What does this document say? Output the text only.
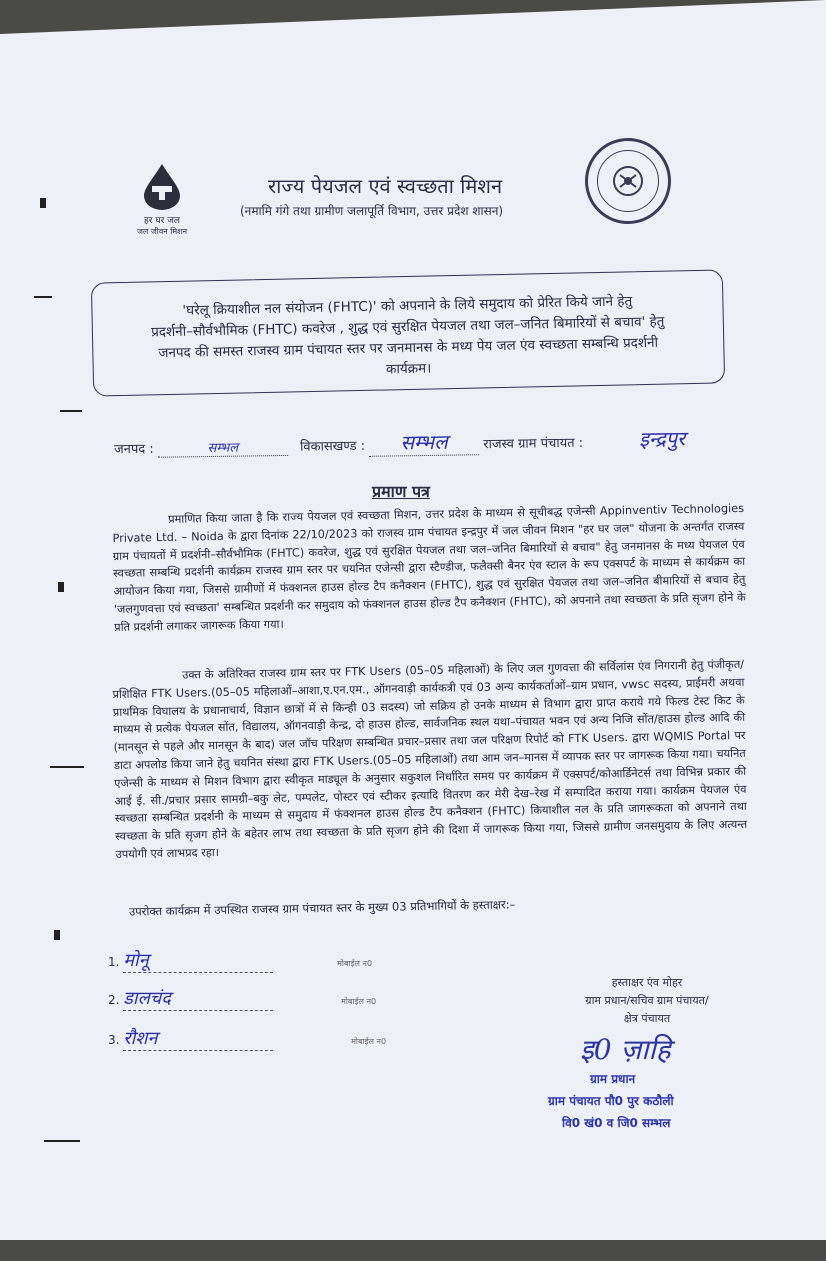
हर घर जल
जल जीवन मिशन
राज्य पेयजल एवं स्वच्छता मिशन
(नमामि गंगे तथा ग्रामीण जलापूर्ति विभाग, उत्तर प्रदेश शासन)
'घरेलू क्रियाशील नल संयोजन (FHTC)' को अपनाने के लिये समुदाय को प्रेरित किये जाने हेतु
प्रदर्शनी–सौर्वभौमिक (FHTC) कवरेज , शुद्ध एवं सुरक्षित पेयजल तथा जल–जनित बिमारियों से बचाव' हेतु
जनपद की समस्त राजस्व ग्राम पंचायत स्तर पर जनमानस के मध्य पेय जल एंव स्वच्छता सम्बन्धि प्रदर्शनी
कार्यक्रम।
जनपद :	सम्भल	विकासखण्ड : सम्भल	राजस्व ग्राम पंचायत :	इन्द्रपुर
प्रमाण पत्र
प्रमाणित किया जाता है कि राज्य पेयजल एवं स्वच्छता मिशन, उत्तर प्रदेश के माध्यम से सूचीबद्ध एजेन्सी Appinventiv Technologies Private Ltd. – Noida के द्वारा दिनांक 22/10/2023 को राजस्व ग्राम पंचायत इन्द्रपुर में जल जीवन मिशन "हर घर जल" योजना के अन्तर्गत राजस्व ग्राम पंचायतों में प्रदर्शनी–सौर्वभौमिक (FHTC) कवरेज, शुद्ध एवं सुरक्षित पेयजल तथा जल–जनित बिमारियों से बचाव" हेतु जनमानस के मध्य पेयजल एंव स्वच्छता सम्बन्धि प्रदर्शनी कार्यक्रम राजस्व ग्राम स्तर पर चयनित एजेन्सी द्वारा स्टैण्डीज, फलैक्सी बैनर एंव स्टाल के रूप एक्सपर्ट के माध्यम से कार्यक्रम का आयोजन किया गया, जिससे ग्रामीणों में फंक्शनल हाउस होल्ड टैप कनैक्शन (FHTC), शुद्ध एवं सुरक्षित पेयजल तथा जल–जनित बीमारियों से बचाव हेतु 'जलगुणवत्ता एवं स्वच्छता' सम्बन्धित प्रदर्शनी कर समुदाय को फंक्शनल हाउस होल्ड टैप कनैक्शन (FHTC), को अपनाने तथा स्वच्छता के प्रति सृजग होने के प्रति प्रदर्शनी लगाकर जागरूक किया गया।
उक्त के अतिरिक्त राजस्व ग्राम स्तर पर FTK Users (05–05 महिलाओं) के लिए जल गुणवत्ता की सर्विलांस एंव निगरानी हेतु पंजीकृत/प्रशिक्षित FTK Users.(05–05 महिलाओं–आशा,ए.एन.एम., ऑगनवाड़ी कार्यकत्री एवं 03 अन्य कार्यकर्ताओं–ग्राम प्रधान, vwsc सदस्य, प्राईमरी अथवा प्राथमिक विघालय के प्रधानाचार्य, विज्ञान छात्रों में से किन्ही 03 सदस्य) जो सक्रिय हो उनके माध्यम से विभाग द्वारा प्राप्त कराये गये फिल्ड टेस्ट किट के माध्यम से प्रत्येक पेयजल सोंत, विद्यालय, ऑगनवाड़ी केन्द्र, दो हाउस होल्ड, सार्वजनिक स्थल यथा–पंचायत भवन एवं अन्य निजि सोंत/हाउस होल्ड आदि की (मानसून से पहले और मानसून के बाद) जल जॉच परिक्षण सम्बन्धित प्रचार–प्रसार तथा जल परिक्षण रिपोर्ट को FTK Users. द्वारा WQMIS Portal पर डाटा अपलोड किया जाने हेतु चयनित संस्था द्वारा FTK Users.(05–05 महिलाओं) तथा आम जन–मानस में व्यापक स्तर पर जागरूक किया गया। चयनित एजेन्सी के माध्यम से मिशन विभाग द्वारा स्वीकृत माड्यूल के अनुसार सकुशल निर्धारित समय पर कार्यक्रम में एक्सपर्ट/कोआर्डिनेटर्स तथा विभिन्न प्रकार की आई ई. सी./प्रचार प्रसार सामग्री–बकु लेट, पम्पलेट, पोस्टर एवं स्टीकर इत्यादि वितरण कर मेरी देख–रेख में सम्पादित कराया गया। कार्यक्रम पेयजल एंव स्वच्छता सम्बन्धित प्रदर्शनी के माध्यम से समुदाय में फंक्शनल हाउस होल्ड टैप कनैक्शन (FHTC) कियाशील नल के प्रति जागरूकता को अपनाने तथा स्वच्छता के प्रति सृजग होने के बहेतर लाभ तथा स्वच्छता के प्रति सृजग होने की दिशा में जागरूक किया गया, जिससे ग्रामीण जनसमुदाय के लिए अत्यन्त उपयोगी एवं लाभप्रद रहा।
उपरोक्त कार्यक्रम में उपस्थित राजस्व ग्राम पंचायत स्तर के मुख्य 03 प्रतिभागियों के हस्ताक्षर:–
1. मोनू	मोबाईल न0
2. डालचंद	मोबाईल न0
3. रौशन	मोबाईल न0
हस्ताक्षर एंव मोहर
ग्राम प्रधान/सचिव ग्राम पंचायत/
क्षेत्र पंचायत
इ0 ज़ाहि
ग्राम प्रधान
ग्राम पंचायत पौ0 पुर कठौली
वि0 खं0 व जि0 सम्भल
